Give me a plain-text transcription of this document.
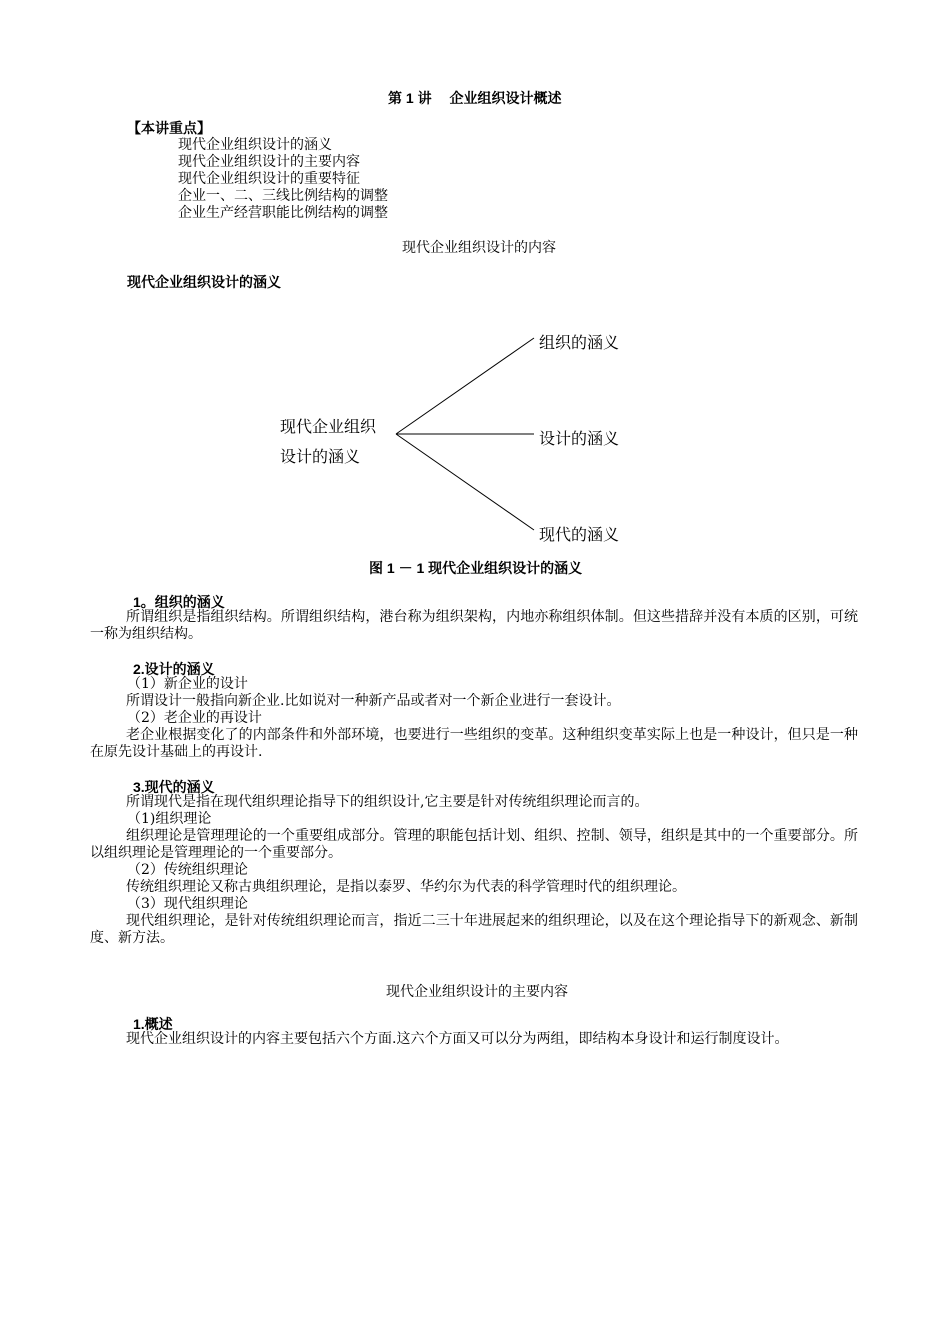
第 1 讲　 企业组织设计概述
【本讲重点】
现代企业组织设计的涵义
现代企业组织设计的主要内容
现代企业组织设计的重要特征
企业一、二、三线比例结构的调整
企业生产经营职能比例结构的调整
现代企业组织设计的内容
现代企业组织设计的涵义
现代企业组织
设计的涵义
组织的涵义
设计的涵义
现代的涵义
图 1 － 1 现代企业组织设计的涵义
1。组织的涵义
所谓组织是指组织结构。所谓组织结构，港台称为组织架构，内地亦称组织体制。但这些措辞并没有本质的区别，可统一称为组织结构。
2.设计的涵义
（1）新企业的设计
所谓设计一般指向新企业.比如说对一种新产品或者对一个新企业进行一套设计。
（2）老企业的再设计
老企业根据变化了的内部条件和外部环境，也要进行一些组织的变革。这种组织变革实际上也是一种设计，但只是一种在原先设计基础上的再设计.
3.现代的涵义
所谓现代是指在现代组织理论指导下的组织设计,它主要是针对传统组织理论而言的。
（1)组织理论
组织理论是管理理论的一个重要组成部分。管理的职能包括计划、组织、控制、领导，组织是其中的一个重要部分。所以组织理论是管理理论的一个重要部分。
（2）传统组织理论
传统组织理论又称古典组织理论，是指以泰罗、华约尔为代表的科学管理时代的组织理论。
（3）现代组织理论
现代组织理论，是针对传统组织理论而言，指近二三十年进展起来的组织理论，以及在这个理论指导下的新观念、新制度、新方法。
现代企业组织设计的主要内容
1.概述
现代企业组织设计的内容主要包括六个方面.这六个方面又可以分为两组，即结构本身设计和运行制度设计。
